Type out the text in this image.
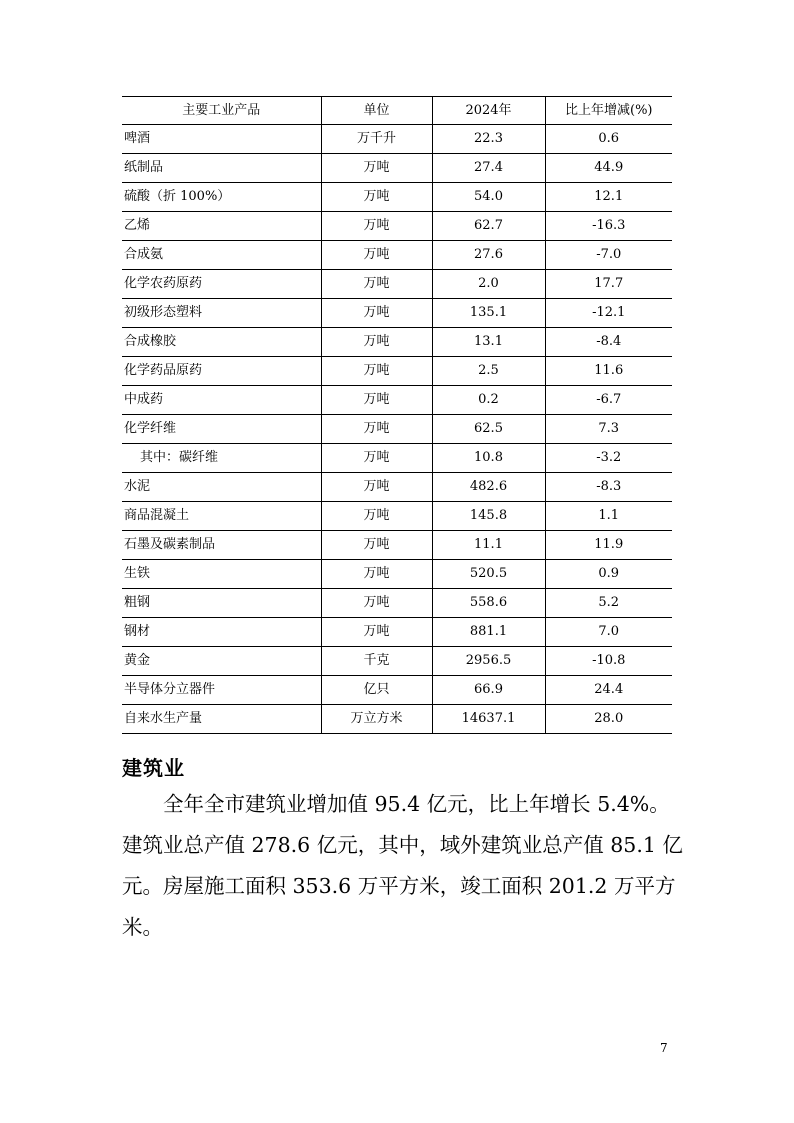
主要工业产品	单位	2024年	比上年增减(%)
啤酒	万千升	22.3	0.6
纸制品	万吨	27.4	44.9
硫酸（折 100%）	万吨	54.0	12.1
乙烯	万吨	62.7	-16.3
合成氨	万吨	27.6	-7.0
化学农药原药	万吨	2.0	17.7
初级形态塑料	万吨	135.1	-12.1
合成橡胶	万吨	13.1	-8.4
化学药品原药	万吨	2.5	11.6
中成药	万吨	0.2	-6.7
化学纤维	万吨	62.5	7.3
其中：碳纤维	万吨	10.8	-3.2
水泥	万吨	482.6	-8.3
商品混凝土	万吨	145.8	1.1
石墨及碳素制品	万吨	11.1	11.9
生铁	万吨	520.5	0.9
粗钢	万吨	558.6	5.2
钢材	万吨	881.1	7.0
黄金	千克	2956.5	-10.8
半导体分立器件	亿只	66.9	24.4
自来水生产量	万立方米	14637.1	28.0
建筑业
全年全市建筑业增加值 95.4 亿元，比上年增长 5.4%。
建筑业总产值 278.6 亿元，其中，域外建筑业总产值 85.1 亿
元。房屋施工面积 353.6 万平方米，竣工面积 201.2 万平方
米。
7
